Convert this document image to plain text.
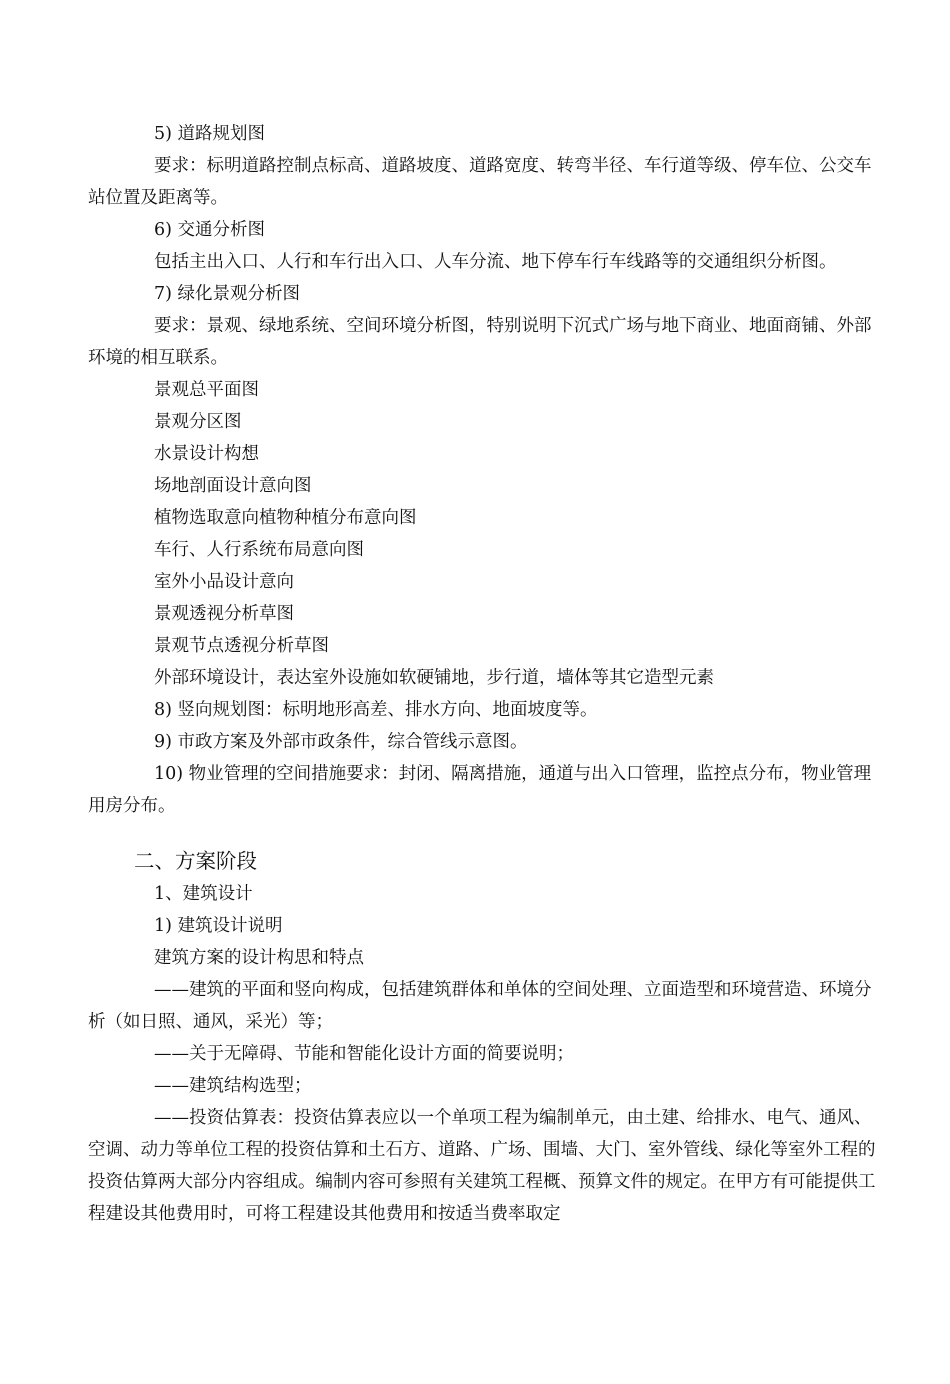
5) 道路规划图

要求：标明道路控制点标高、道路坡度、道路宽度、转弯半径、车行道等级、停车位、公交车站位置及距离等。

6) 交通分析图

包括主出入口、人行和车行出入口、人车分流、地下停车行车线路等的交通组织分析图。

7) 绿化景观分析图

要求：景观、绿地系统、空间环境分析图，特别说明下沉式广场与地下商业、地面商铺、外部环境的相互联系。

景观总平面图

景观分区图

水景设计构想

场地剖面设计意向图

植物选取意向植物种植分布意向图

车行、人行系统布局意向图

室外小品设计意向

景观透视分析草图

景观节点透视分析草图

外部环境设计，表达室外设施如软硬铺地，步行道，墙体等其它造型元素

8) 竖向规划图：标明地形高差、排水方向、地面坡度等。

9) 市政方案及外部市政条件，综合管线示意图。

10) 物业管理的空间措施要求：封闭、隔离措施，通道与出入口管理，监控点分布，物业管理用房分布。

二、方案阶段

1、建筑设计

1) 建筑设计说明

建筑方案的设计构思和特点

——建筑的平面和竖向构成，包括建筑群体和单体的空间处理、立面造型和环境营造、环境分析（如日照、通风，采光）等；

——关于无障碍、节能和智能化设计方面的简要说明；

——建筑结构选型；

——投资估算表：投资估算表应以一个单项工程为编制单元，由土建、给排水、电气、通风、空调、动力等单位工程的投资估算和土石方、道路、广场、围墙、大门、室外管线、绿化等室外工程的投资估算两大部分内容组成。编制内容可参照有关建筑工程概、预算文件的规定。在甲方有可能提供工程建设其他费用时，可将工程建设其他费用和按适当费率取定
